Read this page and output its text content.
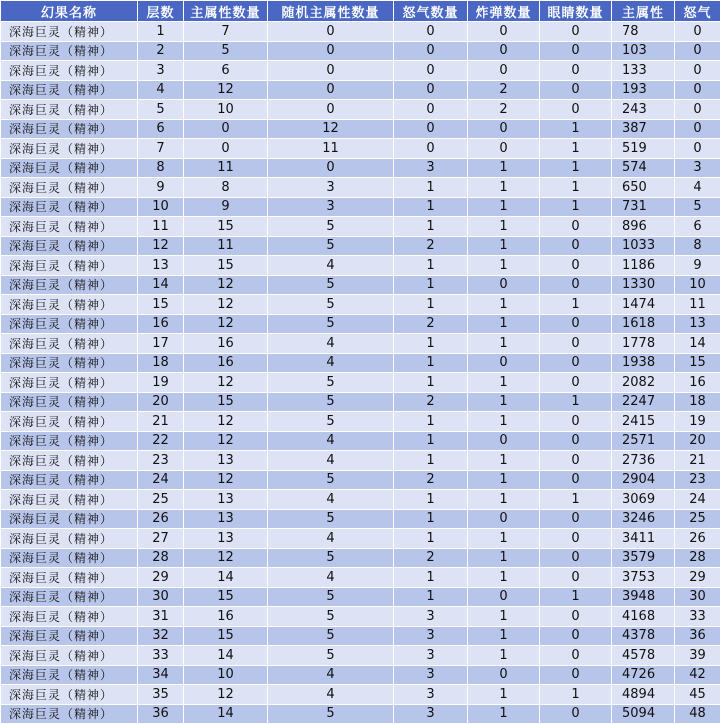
幻果名称	层数	主属性数量	随机主属性数量	怒气数量	炸弹数量	眼睛数量	主属性	怒气
深海巨灵（精神）	1	7	0	0	0	0	78	0
深海巨灵（精神）	2	5	0	0	0	0	103	0
深海巨灵（精神）	3	6	0	0	0	0	133	0
深海巨灵（精神）	4	12	0	0	2	0	193	0
深海巨灵（精神）	5	10	0	0	2	0	243	0
深海巨灵（精神）	6	0	12	0	0	1	387	0
深海巨灵（精神）	7	0	11	0	0	1	519	0
深海巨灵（精神）	8	11	0	3	1	1	574	3
深海巨灵（精神）	9	8	3	1	1	1	650	4
深海巨灵（精神）	10	9	3	1	1	1	731	5
深海巨灵（精神）	11	15	5	1	1	0	896	6
深海巨灵（精神）	12	11	5	2	1	0	1033	8
深海巨灵（精神）	13	15	4	1	1	0	1186	9
深海巨灵（精神）	14	12	5	1	0	0	1330	10
深海巨灵（精神）	15	12	5	1	1	1	1474	11
深海巨灵（精神）	16	12	5	2	1	0	1618	13
深海巨灵（精神）	17	16	4	1	1	0	1778	14
深海巨灵（精神）	18	16	4	1	0	0	1938	15
深海巨灵（精神）	19	12	5	1	1	0	2082	16
深海巨灵（精神）	20	15	5	2	1	1	2247	18
深海巨灵（精神）	21	12	5	1	1	0	2415	19
深海巨灵（精神）	22	12	4	1	0	0	2571	20
深海巨灵（精神）	23	13	4	1	1	0	2736	21
深海巨灵（精神）	24	12	5	2	1	0	2904	23
深海巨灵（精神）	25	13	4	1	1	1	3069	24
深海巨灵（精神）	26	13	5	1	0	0	3246	25
深海巨灵（精神）	27	13	4	1	1	0	3411	26
深海巨灵（精神）	28	12	5	2	1	0	3579	28
深海巨灵（精神）	29	14	4	1	1	0	3753	29
深海巨灵（精神）	30	15	5	1	0	1	3948	30
深海巨灵（精神）	31	16	5	3	1	0	4168	33
深海巨灵（精神）	32	15	5	3	1	0	4378	36
深海巨灵（精神）	33	14	5	3	1	0	4578	39
深海巨灵（精神）	34	10	4	3	0	0	4726	42
深海巨灵（精神）	35	12	4	3	1	1	4894	45
深海巨灵（精神）	36	14	5	3	1	0	5094	48
